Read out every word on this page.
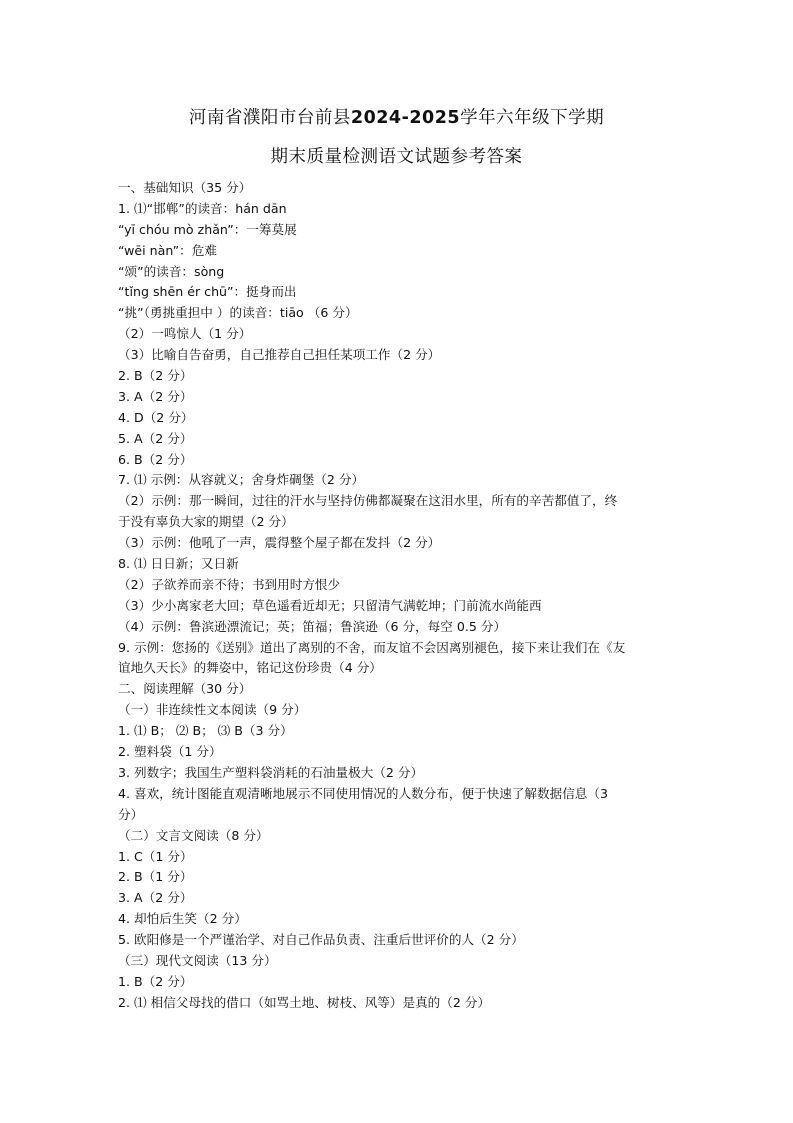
河南省濮阳市台前县2024-2025学年六年级下学期
期末质量检测语文试题参考答案
一、基础知识（35 分）
1. ⑴“邯郸”的读音：hán dān
“yī chóu mò zhǎn”：一筹莫展
“wēi nàn”：危难
“颂”的读音：sòng
“tǐng shēn ér chū”：挺身而出
“挑”（勇挑重担中 ）的读音：tiāo （6 分）
（2）一鸣惊人（1 分）
（3）比喻自告奋勇，自己推荐自己担任某项工作（2 分）
2. B（2 分）
3. A（2 分）
4. D（2 分）
5. A（2 分）
6. B（2 分）
7. ⑴ 示例：从容就义；舍身炸碉堡（2 分）
（2）示例：那一瞬间，过往的汗水与坚持仿佛都凝聚在这泪水里，所有的辛苦都值了，终
于没有辜负大家的期望（2 分）
（3）示例：他吼了一声，震得整个屋子都在发抖（2 分）
8. ⑴ 日日新；又日新
（2）子欲养而亲不待；书到用时方恨少
（3）少小离家老大回；草色遥看近却无；只留清气满乾坤；门前流水尚能西
（4）示例：鲁滨逊漂流记；英；笛福；鲁滨逊（6 分，每空 0.5 分）
9. 示例：您扬的《送别》道出了离别的不舍，而友谊不会因离别褪色，接下来让我们在《友
谊地久天长》的舞姿中，铭记这份珍贵（4 分）
二、阅读理解（30 分）
（一）非连续性文本阅读（9 分）
1. ⑴ B； ⑵ B； ⑶ B（3 分）
2. 塑料袋（1 分）
3. 列数字；我国生产塑料袋消耗的石油量极大（2 分）
4. 喜欢，统计图能直观清晰地展示不同使用情况的人数分布，便于快速了解数据信息（3
分）
（二）文言文阅读（8 分）
1. C（1 分）
2. B（1 分）
3. A（2 分）
4. 却怕后生笑（2 分）
5. 欧阳修是一个严谨治学、对自己作品负责、注重后世评价的人（2 分）
（三）现代文阅读（13 分）
1. B（2 分）
2. ⑴ 相信父母找的借口（如骂土地、树枝、风等）是真的（2 分）
